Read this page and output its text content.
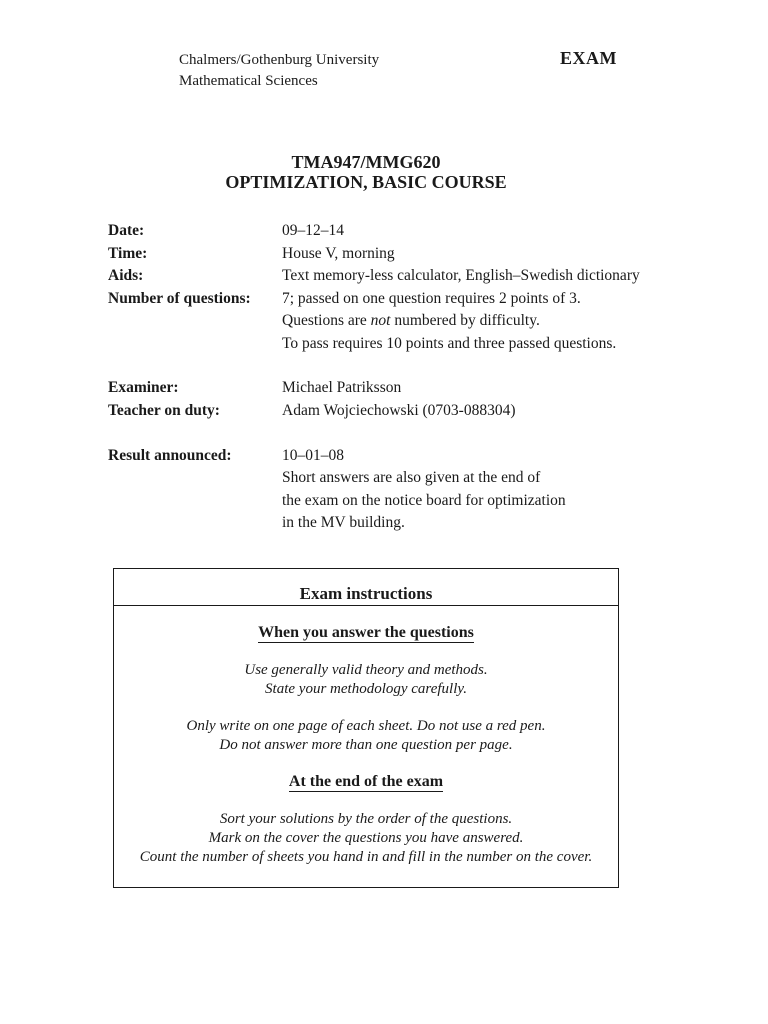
Chalmers/Gothenburg University
Mathematical Sciences
EXAM
TMA947/MMG620
OPTIMIZATION, BASIC COURSE
Date:	09–12–14
Time:	House V, morning
Aids:	Text memory-less calculator, English–Swedish dictionary
Number of questions: 7; passed on one question requires 2 points of 3.
Questions are not numbered by difficulty.
To pass requires 10 points and three passed questions.
Examiner:	Michael Patriksson
Teacher on duty:	Adam Wojciechowski (0703-088304)
Result announced:	10–01–08
Short answers are also given at the end of
the exam on the notice board for optimization
in the MV building.
Exam instructions
When you answer the questions
Use generally valid theory and methods.
State your methodology carefully.
Only write on one page of each sheet. Do not use a red pen.
Do not answer more than one question per page.
At the end of the exam
Sort your solutions by the order of the questions.
Mark on the cover the questions you have answered.
Count the number of sheets you hand in and fill in the number on the cover.
